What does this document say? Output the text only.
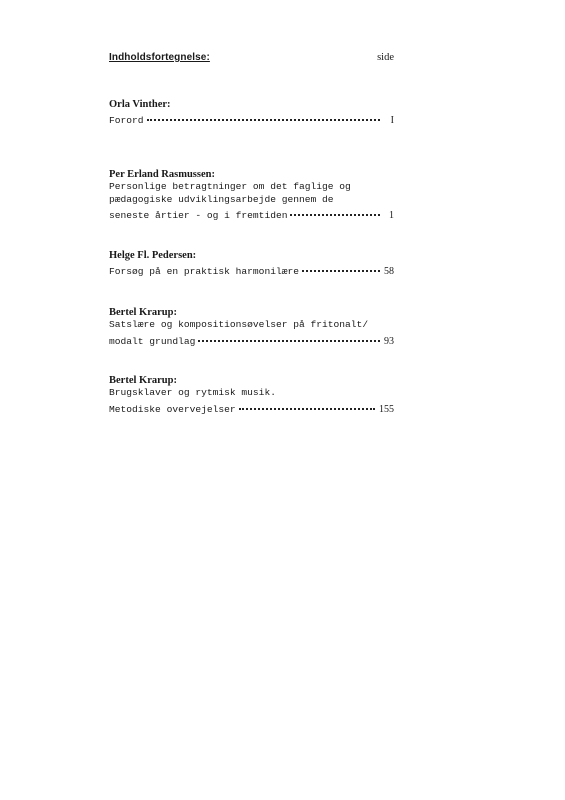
Indholdsfortegnelse:	side
Orla Vinther:
Forord	I
Per Erland Rasmussen:
Personlige betragtninger om det faglige og
pædagogiske udviklingsarbejde gennem de
seneste årtier - og i fremtiden	1
Helge Fl. Pedersen:
Forsøg på en praktisk harmonilære	58
Bertel Krarup:
Satslære og kompositionsøvelser på fritonalt/
modalt grundlag	93
Bertel Krarup:
Brugsklaver og rytmisk musik.
Metodiske overvejelser	155
